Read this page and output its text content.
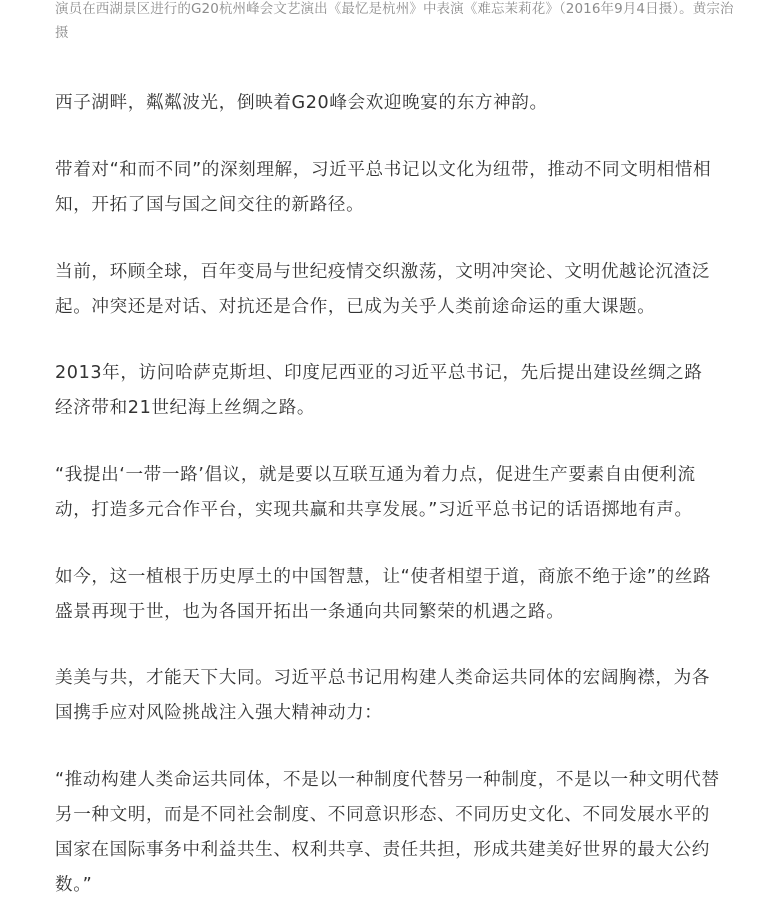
演员在西湖景区进行的G20杭州峰会文艺演出《最忆是杭州》中表演《难忘茉莉花》（2016年9月4日摄）。黄宗治 摄

西子湖畔，粼粼波光，倒映着G20峰会欢迎晚宴的东方神韵。

带着对“和而不同”的深刻理解，习近平总书记以文化为纽带，推动不同文明相惜相知，开拓了国与国之间交往的新路径。

当前，环顾全球，百年变局与世纪疫情交织激荡，文明冲突论、文明优越论沉渣泛起。冲突还是对话、对抗还是合作，已成为关乎人类前途命运的重大课题。

2013年，访问哈萨克斯坦、印度尼西亚的习近平总书记，先后提出建设丝绸之路经济带和21世纪海上丝绸之路。

“我提出‘一带一路’倡议，就是要以互联互通为着力点，促进生产要素自由便利流动，打造多元合作平台，实现共赢和共享发展。”习近平总书记的话语掷地有声。

如今，这一植根于历史厚土的中国智慧，让“使者相望于道，商旅不绝于途”的丝路盛景再现于世，也为各国开拓出一条通向共同繁荣的机遇之路。

美美与共，才能天下大同。习近平总书记用构建人类命运共同体的宏阔胸襟，为各国携手应对风险挑战注入强大精神动力：

“推动构建人类命运共同体，不是以一种制度代替另一种制度，不是以一种文明代替另一种文明，而是不同社会制度、不同意识形态、不同历史文化、不同发展水平的国家在国际事务中利益共生、权利共享、责任共担，形成共建美好世界的最大公约数。”
